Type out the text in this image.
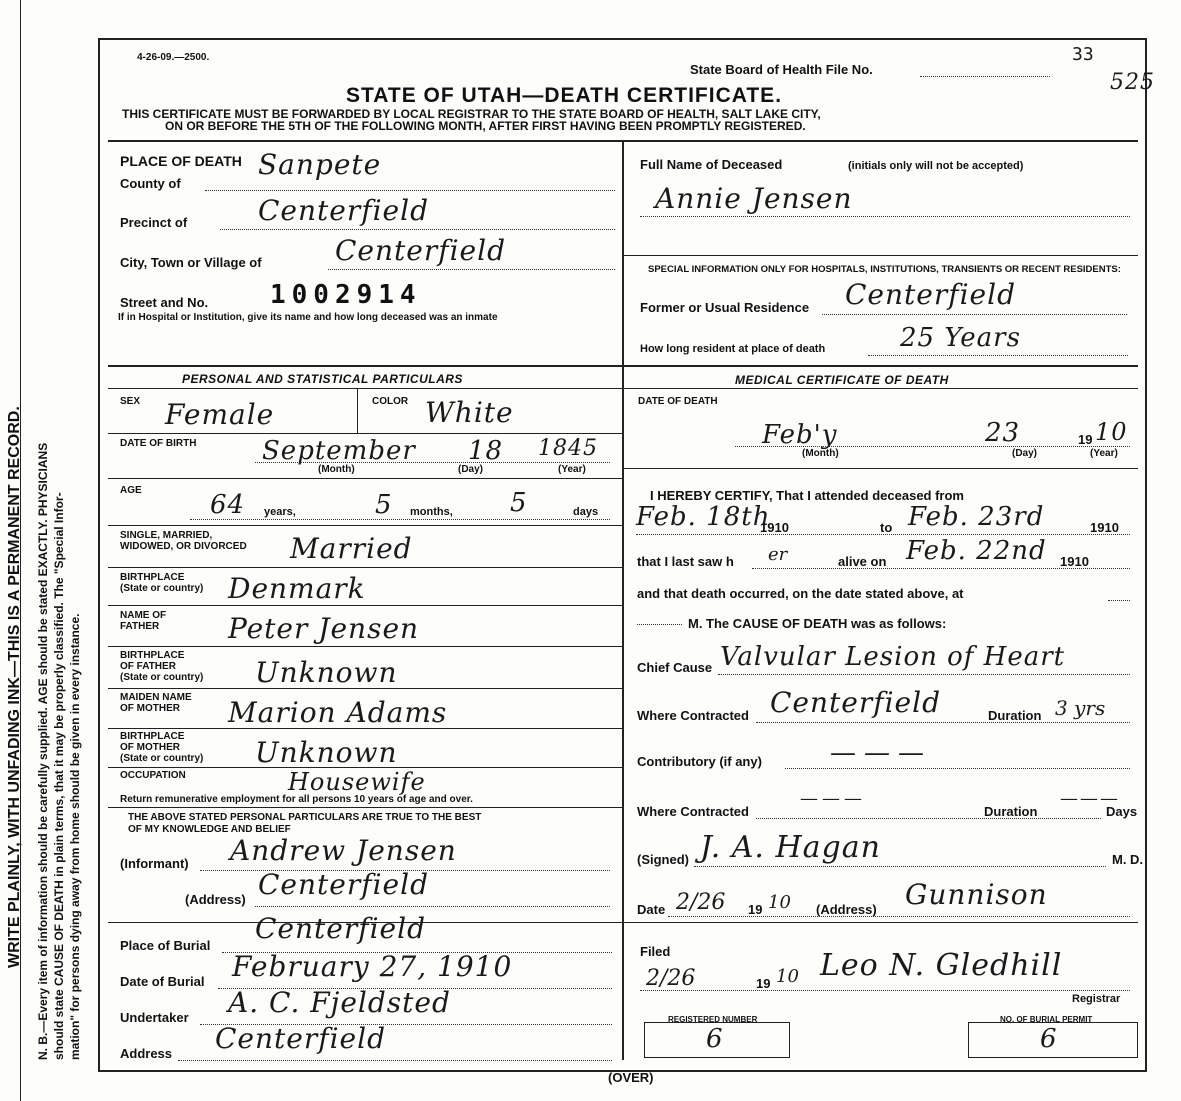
WRITE PLAINLY, WITH UNFADING INK—THIS IS A PERMANENT RECORD. N. B.—Every item of information should be carefully supplied. AGE should be stated EXACTLY. PHYSICIANS should state CAUSE OF DEATH in plain terms, that it may be properly classified. The "Special Infor- mation" for persons dying away from home should be given in every instance.
4-26-09.—2500.
State Board of Health File No.
33
525
STATE OF UTAH—DEATH CERTIFICATE.
THIS CERTIFICATE MUST BE FORWARDED BY LOCAL REGISTRAR TO THE STATE BOARD OF HEALTH, SALT LAKE CITY,
ON OR BEFORE THE 5TH OF THE FOLLOWING MONTH, AFTER FIRST HAVING BEEN PROMPTLY REGISTERED.
PLACE OF DEATH
County of
Sanpete
Precinct of	Centerfield
City, Town or Village of	Centerfield
Street and No. 1002914
If in Hospital or Institution, give its name and how long deceased was an inmate
Full Name of Deceased	(initials only will not be accepted)
Annie Jensen
SPECIAL INFORMATION ONLY FOR HOSPITALS, INSTITUTIONS, TRANSIENTS OR RECENT RESIDENTS:
Former or Usual Residence Centerfield
How long resident at place of death	25 Years
PERSONAL AND STATISTICAL PARTICULARS
SEX Female	COLOR White
DATE OF BIRTH	September 18 1845
(Month)	(Day)	(Year)
AGE	64 years,	5 months, 5	days
SINGLE, MARRIED,
WIDOWED, OR DIVORCED Married
BIRTHPLACE
(State or country) Denmark
NAME OF
FATHER Peter Jensen
BIRTHPLACE
OF FATHER
(State or country) Unknown
MAIDEN NAME
OF MOTHER Marion Adams
BIRTHPLACE
OF MOTHER
(State or country) Unknown
OCCUPATION	Housewife
Return remunerative employment for all persons 10 years of age and over.
THE ABOVE STATED PERSONAL PARTICULARS ARE TRUE TO THE BEST
OF MY KNOWLEDGE AND BELIEF
(Informant) Andrew Jensen
(Address) Centerfield
Place of Burial
Centerfield
Date of Burial February 27, 1910
Undertaker A. C. Fjeldsted
Address Centerfield
MEDICAL CERTIFICATE OF DEATH
DATE OF DEATH
Feb'y	23	19 10
(Month)	(Day)	(Year)
I HEREBY CERTIFY, That I attended deceased from
Feb. 18th
1910	to Feb. 23rd	1910
that I last saw h er	alive on Feb. 22nd 1910
and that death occurred, on the date stated above, at
M. The CAUSE OF DEATH was as follows:
Chief Cause Valvular Lesion of Heart
Where Contracted Centerfield	Duration 3 yrs
Contributory (if any)	———
Where Contracted
———
Duration
———
Days
(Signed) J. A. Hagan	M. D.
Date 2/26 19 10 (Address) Gunnison
Filed
2/26	19 10 Leo N. Gledhill
Registrar
REGISTERED NUMBER
6
NO. OF BURIAL PERMIT
6
(OVER)
